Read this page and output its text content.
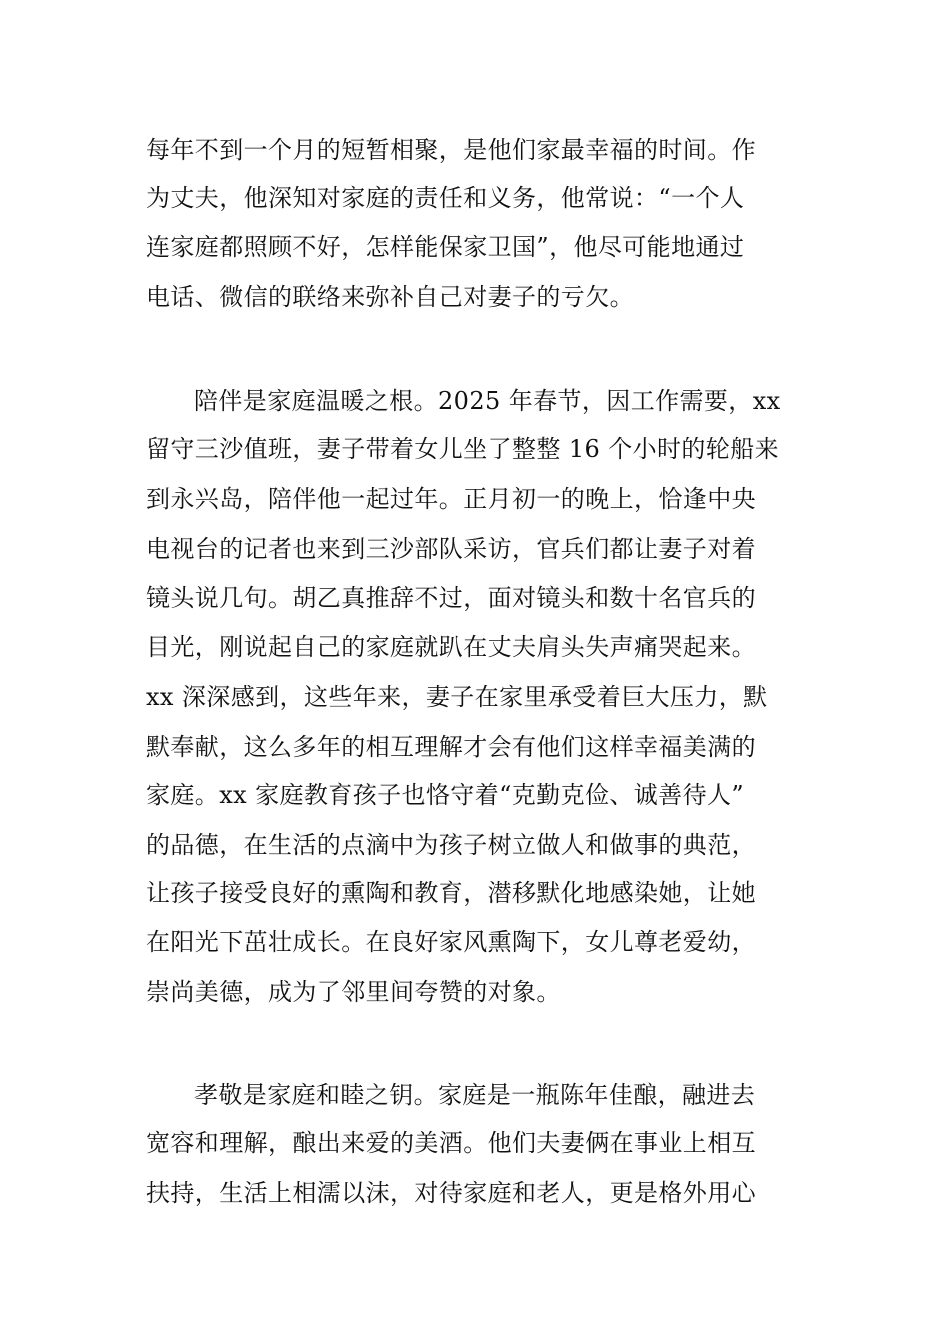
每年不到一个月的短暂相聚，是他们家最幸福的时间。作
为丈夫，他深知对家庭的责任和义务，他常说：“一个人
连家庭都照顾不好，怎样能保家卫国”，他尽可能地通过
电话、微信的联络来弥补自己对妻子的亏欠。
陪伴是家庭温暖之根。2025 年春节，因工作需要，xx
留守三沙值班，妻子带着女儿坐了整整 16 个小时的轮船来
到永兴岛，陪伴他一起过年。正月初一的晚上，恰逢中央
电视台的记者也来到三沙部队采访，官兵们都让妻子对着
镜头说几句。胡乙真推辞不过，面对镜头和数十名官兵的
目光，刚说起自己的家庭就趴在丈夫肩头失声痛哭起来。
xx 深深感到，这些年来，妻子在家里承受着巨大压力，默
默奉献，这么多年的相互理解才会有他们这样幸福美满的
家庭。xx 家庭教育孩子也恪守着“克勤克俭、诚善待人”
的品德，在生活的点滴中为孩子树立做人和做事的典范，
让孩子接受良好的熏陶和教育，潜移默化地感染她，让她
在阳光下茁壮成长。在良好家风熏陶下，女儿尊老爱幼，
崇尚美德，成为了邻里间夸赞的对象。
孝敬是家庭和睦之钥。家庭是一瓶陈年佳酿，融进去
宽容和理解，酿出来爱的美酒。他们夫妻俩在事业上相互
扶持，生活上相濡以沫，对待家庭和老人，更是格外用心
